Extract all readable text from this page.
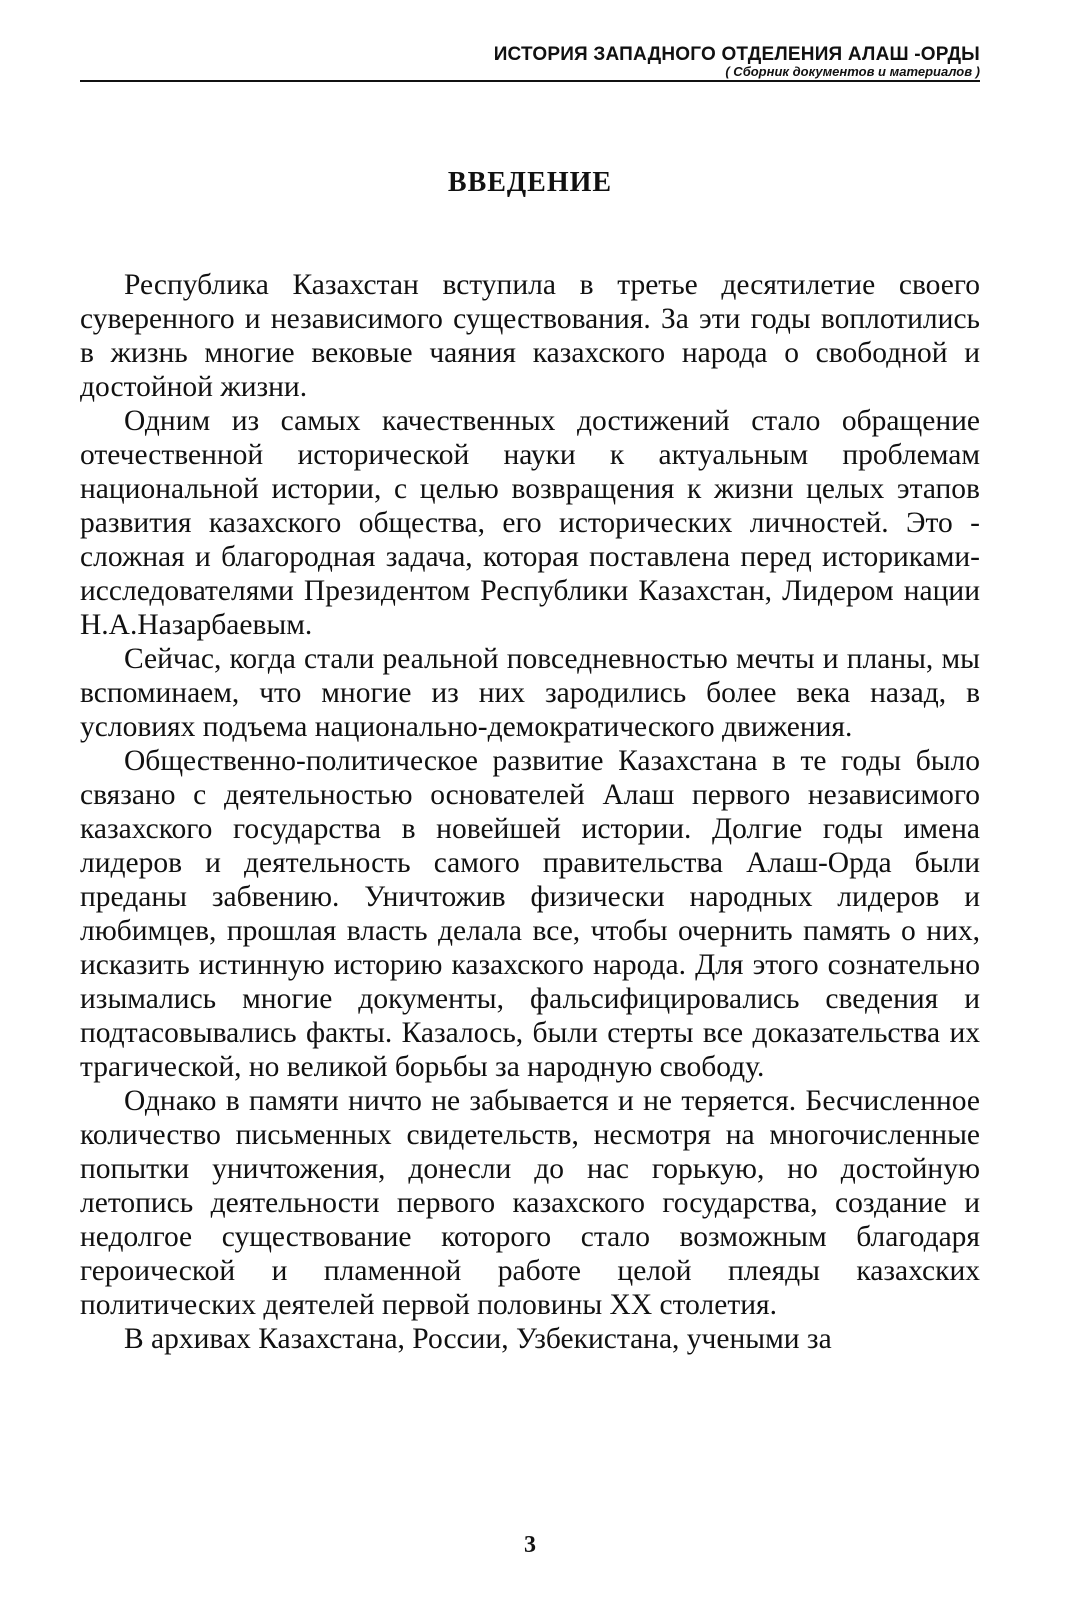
ИСТОРИЯ ЗАПАДНОГО ОТДЕЛЕНИЯ АЛАШ -ОРДЫ
( Сборник документов и материалов )
ВВЕДЕНИЕ

Республика Казахстан вступила в третье десятилетие своего суверенного и независимого существования. За эти годы воплотились в жизнь многие вековые чаяния казахского народа о свободной и достойной жизни.

Одним из самых качественных достижений стало обращение отечественной исторической науки к актуальным проблемам национальной истории, с целью возвращения к жизни целых этапов развития казахского общества, его исторических личностей. Это - сложная и благородная задача, которая поставлена перед историками-исследователями Президентом Республики Казахстан, Лидером нации Н.А.Назарбаевым.

Сейчас, когда стали реальной повседневностью мечты и планы, мы вспоминаем, что многие из них зародились более века назад, в условиях подъема национально-демократического движения.

Общественно-политическое развитие Казахстана в те годы было связано с деятельностью основателей Алаш первого независимого казахского государства в новейшей истории. Долгие годы имена лидеров и деятельность самого правительства Алаш-Орда были преданы забвению. Уничтожив физически народных лидеров и любимцев, прошлая власть делала все, чтобы очернить память о них, исказить истинную историю казахского народа. Для этого сознательно изымались многие документы, фальсифицировались сведения и подтасовывались факты. Казалось, были стерты все доказательства их трагической, но великой борьбы за народную свободу.

Однако в памяти ничто не забывается и не теряется. Бесчисленное количество письменных свидетельств, несмотря на многочисленные попытки уничтожения, донесли до нас горькую, но достойную летопись деятельности первого казахского государства, создание и недолгое существование которого стало возможным благодаря героической и пламенной работе целой плеяды казахских политических деятелей первой половины XX столетия.

В архивах Казахстана, России, Узбекистана, учеными за

3
